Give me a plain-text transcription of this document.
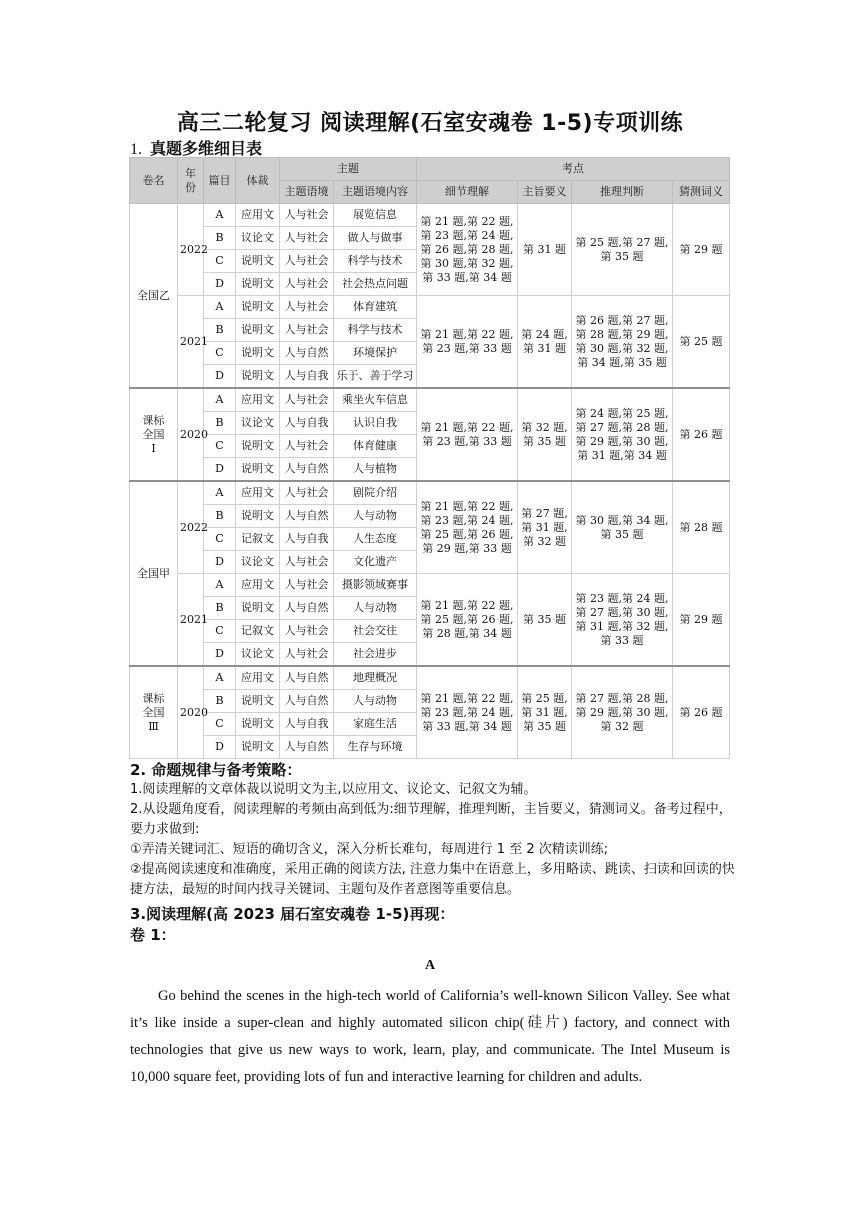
高三二轮复习 阅读理解(石室安魂卷 1-5)专项训练
1. 真题多维细目表
卷名	年份	篇目	体裁	主题		考点			
				主题语境	主题语境内容	细节理解	主旨要义	推理判断	猜测词义
全国乙	2022	A	应用文	人与社会	展览信息	第 21 题,第 22 题,
第 23 题,第 24 题,
第 26 题,第 28 题,
第 30 题,第 32 题,
第 33 题,第 34 题	第 31 题	第 25 题,第 27 题,
第 35 题	第 29 题
		B	议论文	人与社会	做人与做事				
		C	说明文	人与社会	科学与技术				
		D	说明文	人与社会	社会热点问题				
	2021	A	说明文	人与社会	体育建筑	第 21 题,第 22 题,
第 23 题,第 33 题	第 24 题,
第 31 题	第 26 题,第 27 题,
第 28 题,第 29 题,
第 30 题,第 32 题,
第 34 题,第 35 题	第 25 题
		B	说明文	人与社会	科学与技术				
		C	说明文	人与自然	环境保护				
		D	说明文	人与自我	乐于、善于学习				
课标
全国
Ⅰ	2020	A	应用文	人与社会	乘坐火车信息	第 21 题,第 22 题,
第 23 题,第 33 题	第 32 题,
第 35 题	第 24 题,第 25 题,
第 27 题,第 28 题,
第 29 题,第 30 题,
第 31 题,第 34 题	第 26 题
		B	议论文	人与自我	认识自我				
		C	说明文	人与社会	体育健康				
		D	说明文	人与自然	人与植物				
全国甲	2022	A	应用文	人与社会	剧院介绍	第 21 题,第 22 题,
第 23 题,第 24 题,
第 25 题,第 26 题,
第 29 题,第 33 题	第 27 题,
第 31 题,
第 32 题	第 30 题,第 34 题,
第 35 题	第 28 题
		B	说明文	人与自然	人与动物				
		C	记叙文	人与自我	人生态度				
		D	议论文	人与社会	文化遗产				
	2021	A	应用文	人与社会	摄影领域赛事	第 21 题,第 22 题,
第 25 题,第 26 题,
第 28 题,第 34 题	第 35 题	第 23 题,第 24 题,
第 27 题,第 30 题,
第 31 题,第 32 题,
第 33 题	第 29 题
		B	说明文	人与自然	人与动物				
		C	记叙文	人与社会	社会交往				
		D	议论文	人与社会	社会进步				
课标
全国
Ⅲ	2020	A	应用文	人与自然	地理概况	第 21 题,第 22 题,
第 23 题,第 24 题,
第 33 题,第 34 题	第 25 题,
第 31 题,
第 35 题	第 27 题,第 28 题,
第 29 题,第 30 题,
第 32 题	第 26 题
		B	说明文	人与自然	人与动物				
		C	说明文	人与自我	家庭生活				
		D	说明文	人与自然	生存与环境				
2. 命题规律与备考策略：
1.阅读理解的文章体裁以说明文为主,以应用文、议论文、记叙文为辅。
2.从设题角度看，阅读理解的考频由高到低为:细节理解，推理判断，主旨要义，猜测词义。备考过程中，要力求做到:
①弄清关键词汇、短语的确切含义，深入分析长难句，每周进行 1 至 2 次精读训练;
②提高阅读速度和准确度，采用正确的阅读方法, 注意力集中在语意上，多用略读、跳读、扫读和回读的快捷方法，最短的时间内找寻关键词、主题句及作者意图等重要信息。
3.阅读理解(高 2023 届石室安魂卷 1-5)再现：
卷 1：
A
Go behind the scenes in the high-tech world of California’s well-known Silicon Valley. See what it’s like inside a super-clean and highly automated silicon chip(硅片) factory, and connect with technologies that give us new ways to work, learn, play, and communicate. The Intel Museum is 10,000 square feet, providing lots of fun and interactive learning for children and adults.
